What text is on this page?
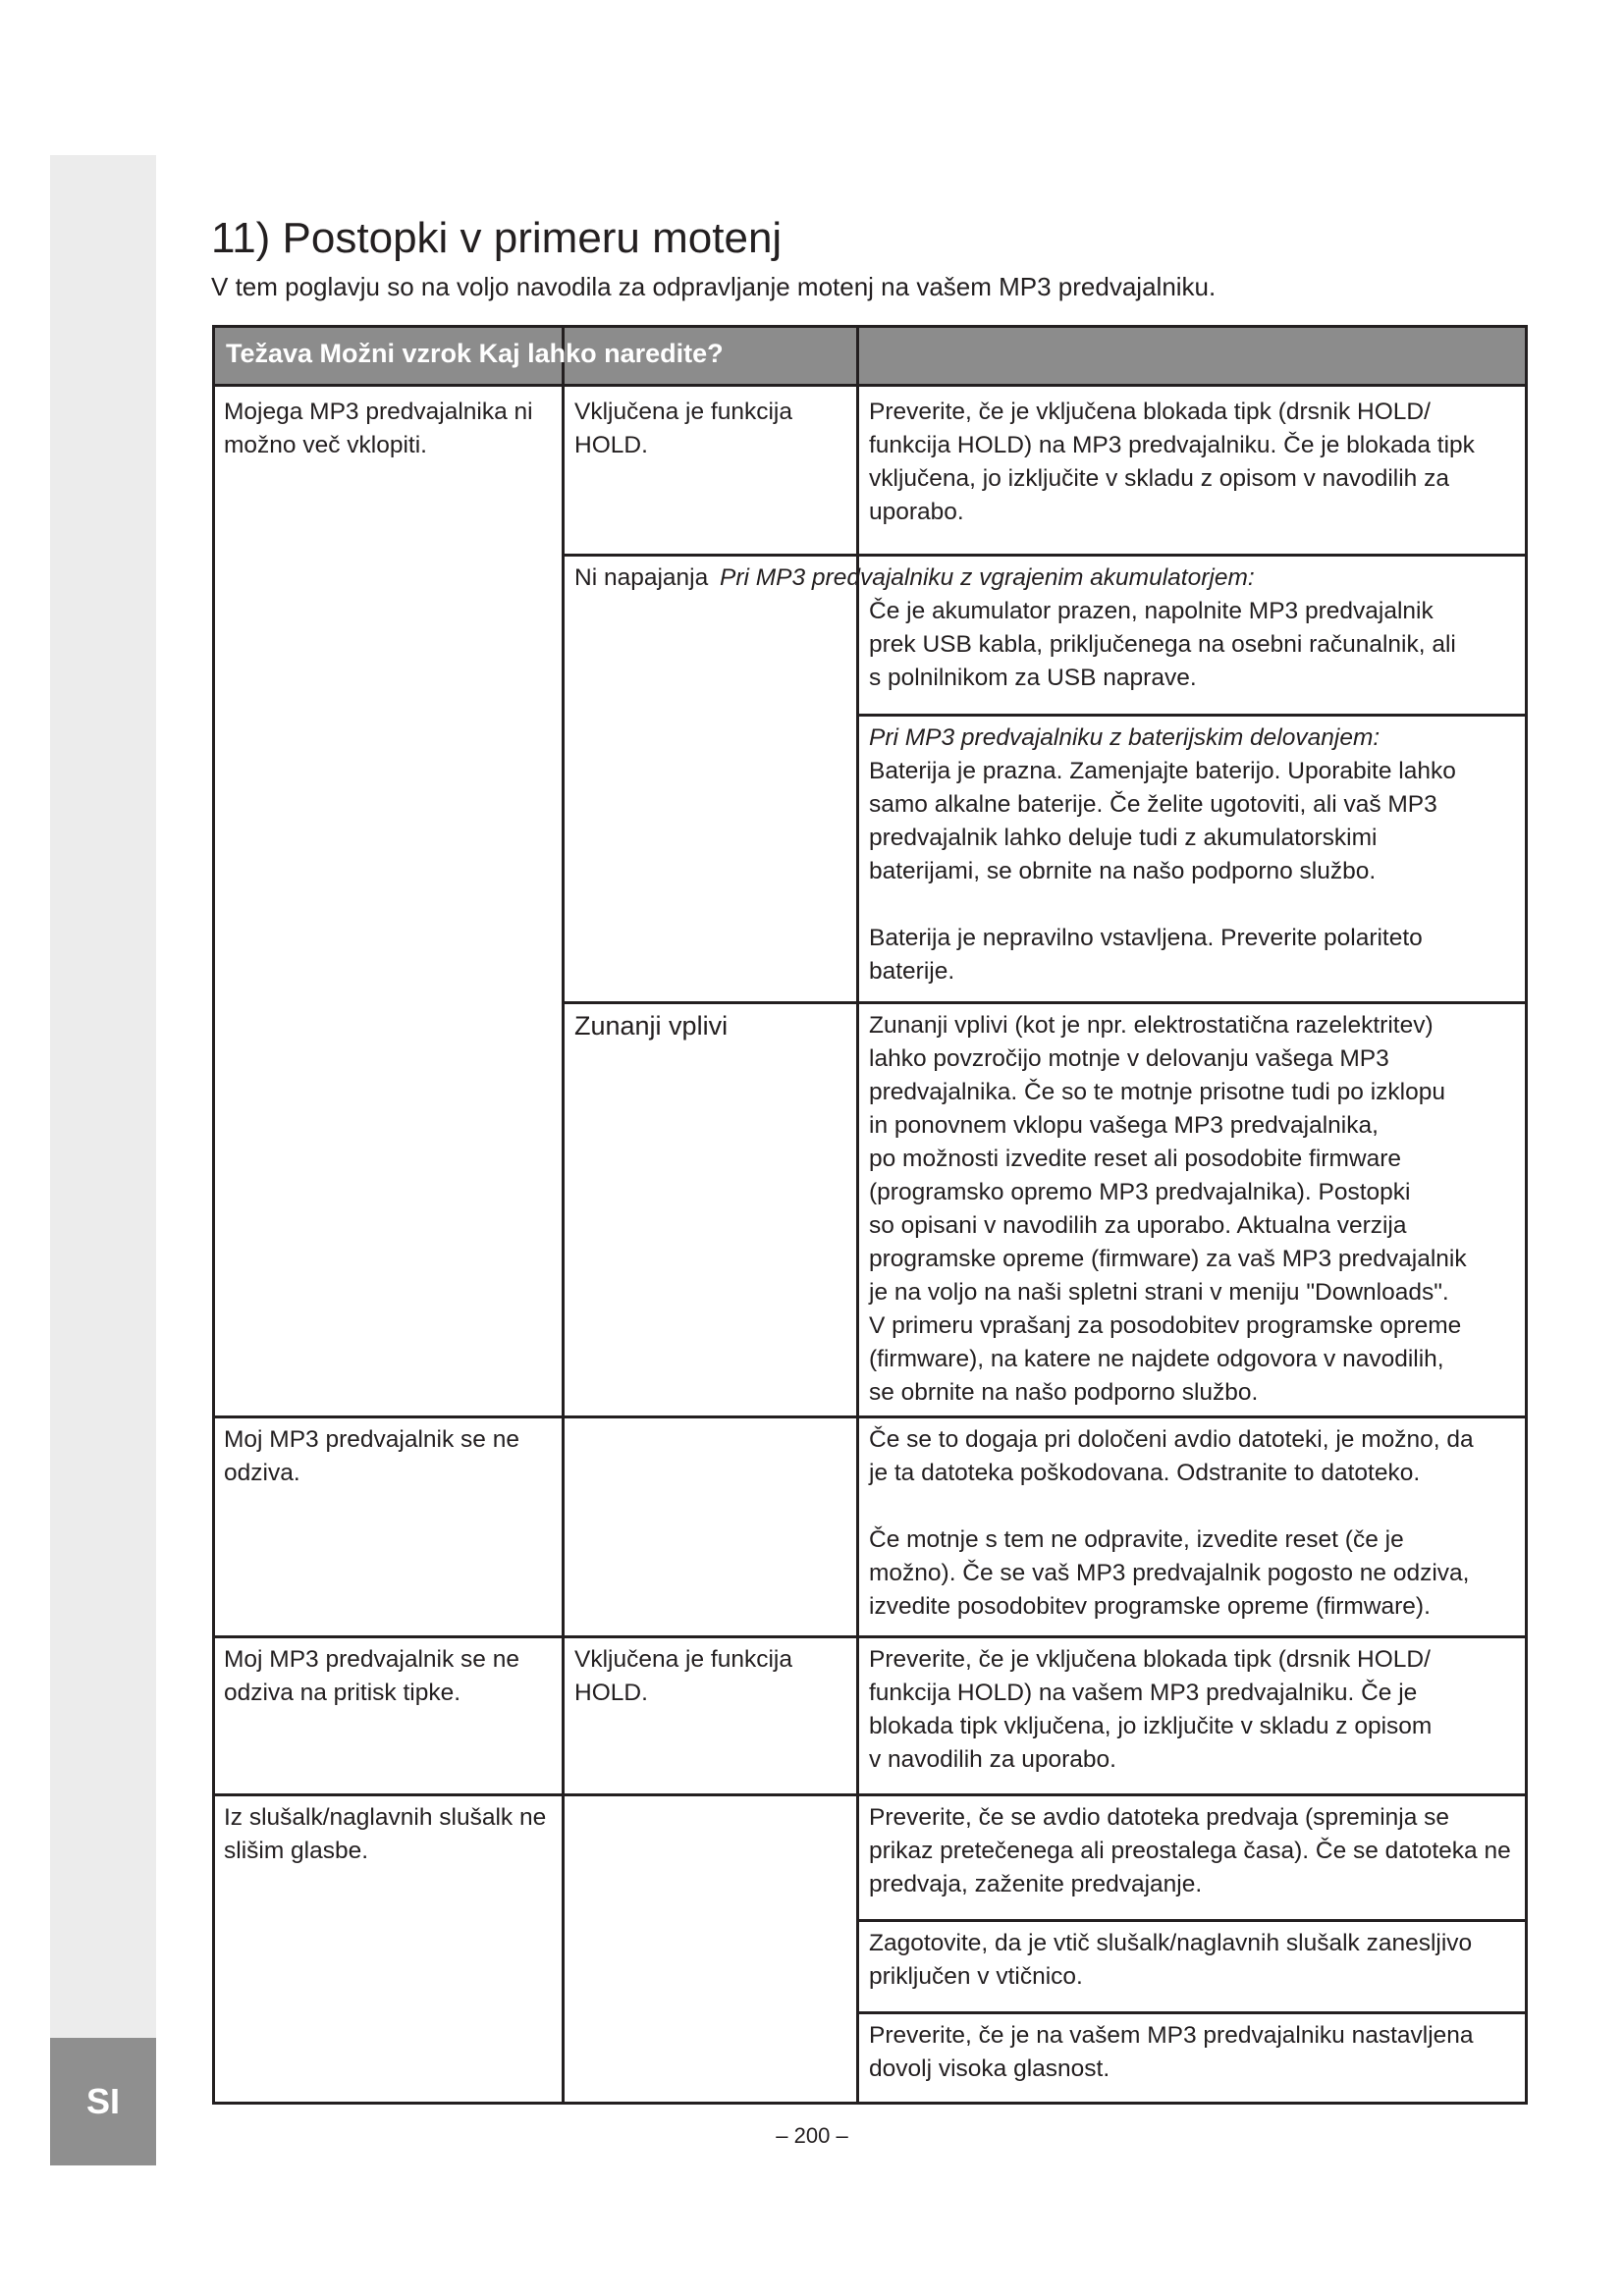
SI
11) Postopki v primeru motenj
V tem poglavju so na voljo navodila za odpravljanje motenj na vašem MP3 predvajalniku.
Težava Možni vzrok Kaj lahko naredite?
Mojega MP3 predvajalnika ni
možno več vklopiti.
Vključena je funkcija
HOLD.
Preverite, če je vključena blokada tipk (drsnik HOLD/
funkcija HOLD) na MP3 predvajalniku. Če je blokada tipk
vključena, jo izključite v skladu z opisom v navodilih za
uporabo.
Ni napajanja Pri MP3 predvajalniku z vgrajenim akumulatorjem:
Če je akumulator prazen, napolnite MP3 predvajalnik
prek USB kabla, priključenega na osebni računalnik, ali
s polnilnikom za USB naprave.
Pri MP3 predvajalniku z baterijskim delovanjem:
Baterija je prazna. Zamenjajte baterijo. Uporabite lahko
samo alkalne baterije. Če želite ugotoviti, ali vaš MP3
predvajalnik lahko deluje tudi z akumulatorskimi
baterijami, se obrnite na našo podporno službo.
Baterija je nepravilno vstavljena. Preverite polariteto
baterije.
Zunanji vplivi	Zunanji vplivi (kot je npr. elektrostatična razelektritev)
lahko povzročijo motnje v delovanju vašega MP3
predvajalnika. Če so te motnje prisotne tudi po izklopu
in ponovnem vklopu vašega MP3 predvajalnika,
po možnosti izvedite reset ali posodobite firmware
(programsko opremo MP3 predvajalnika). Postopki
so opisani v navodilih za uporabo. Aktualna verzija
programske opreme (firmware) za vaš MP3 predvajalnik
je na voljo na naši spletni strani v meniju "Downloads".
V primeru vprašanj za posodobitev programske opreme
(firmware), na katere ne najdete odgovora v navodilih,
se obrnite na našo podporno službo.
Moj MP3 predvajalnik se ne
odziva.
Če se to dogaja pri določeni avdio datoteki, je možno, da
je ta datoteka poškodovana. Odstranite to datoteko.
Če motnje s tem ne odpravite, izvedite reset (če je
možno). Če se vaš MP3 predvajalnik pogosto ne odziva,
izvedite posodobitev programske opreme (firmware).
Moj MP3 predvajalnik se ne
odziva na pritisk tipke.
Vključena je funkcija
HOLD.
Preverite, če je vključena blokada tipk (drsnik HOLD/
funkcija HOLD) na vašem MP3 predvajalniku. Če je
blokada tipk vključena, jo izključite v skladu z opisom
v navodilih za uporabo.
Iz slušalk/naglavnih slušalk ne
slišim glasbe.
Preverite, če se avdio datoteka predvaja (spreminja se
prikaz pretečenega ali preostalega časa). Če se datoteka ne
predvaja, zaženite predvajanje.
Zagotovite, da je vtič slušalk/naglavnih slušalk zanesljivo
priključen v vtičnico.
Preverite, če je na vašem MP3 predvajalniku nastavljena
dovolj visoka glasnost.
– 200 –
